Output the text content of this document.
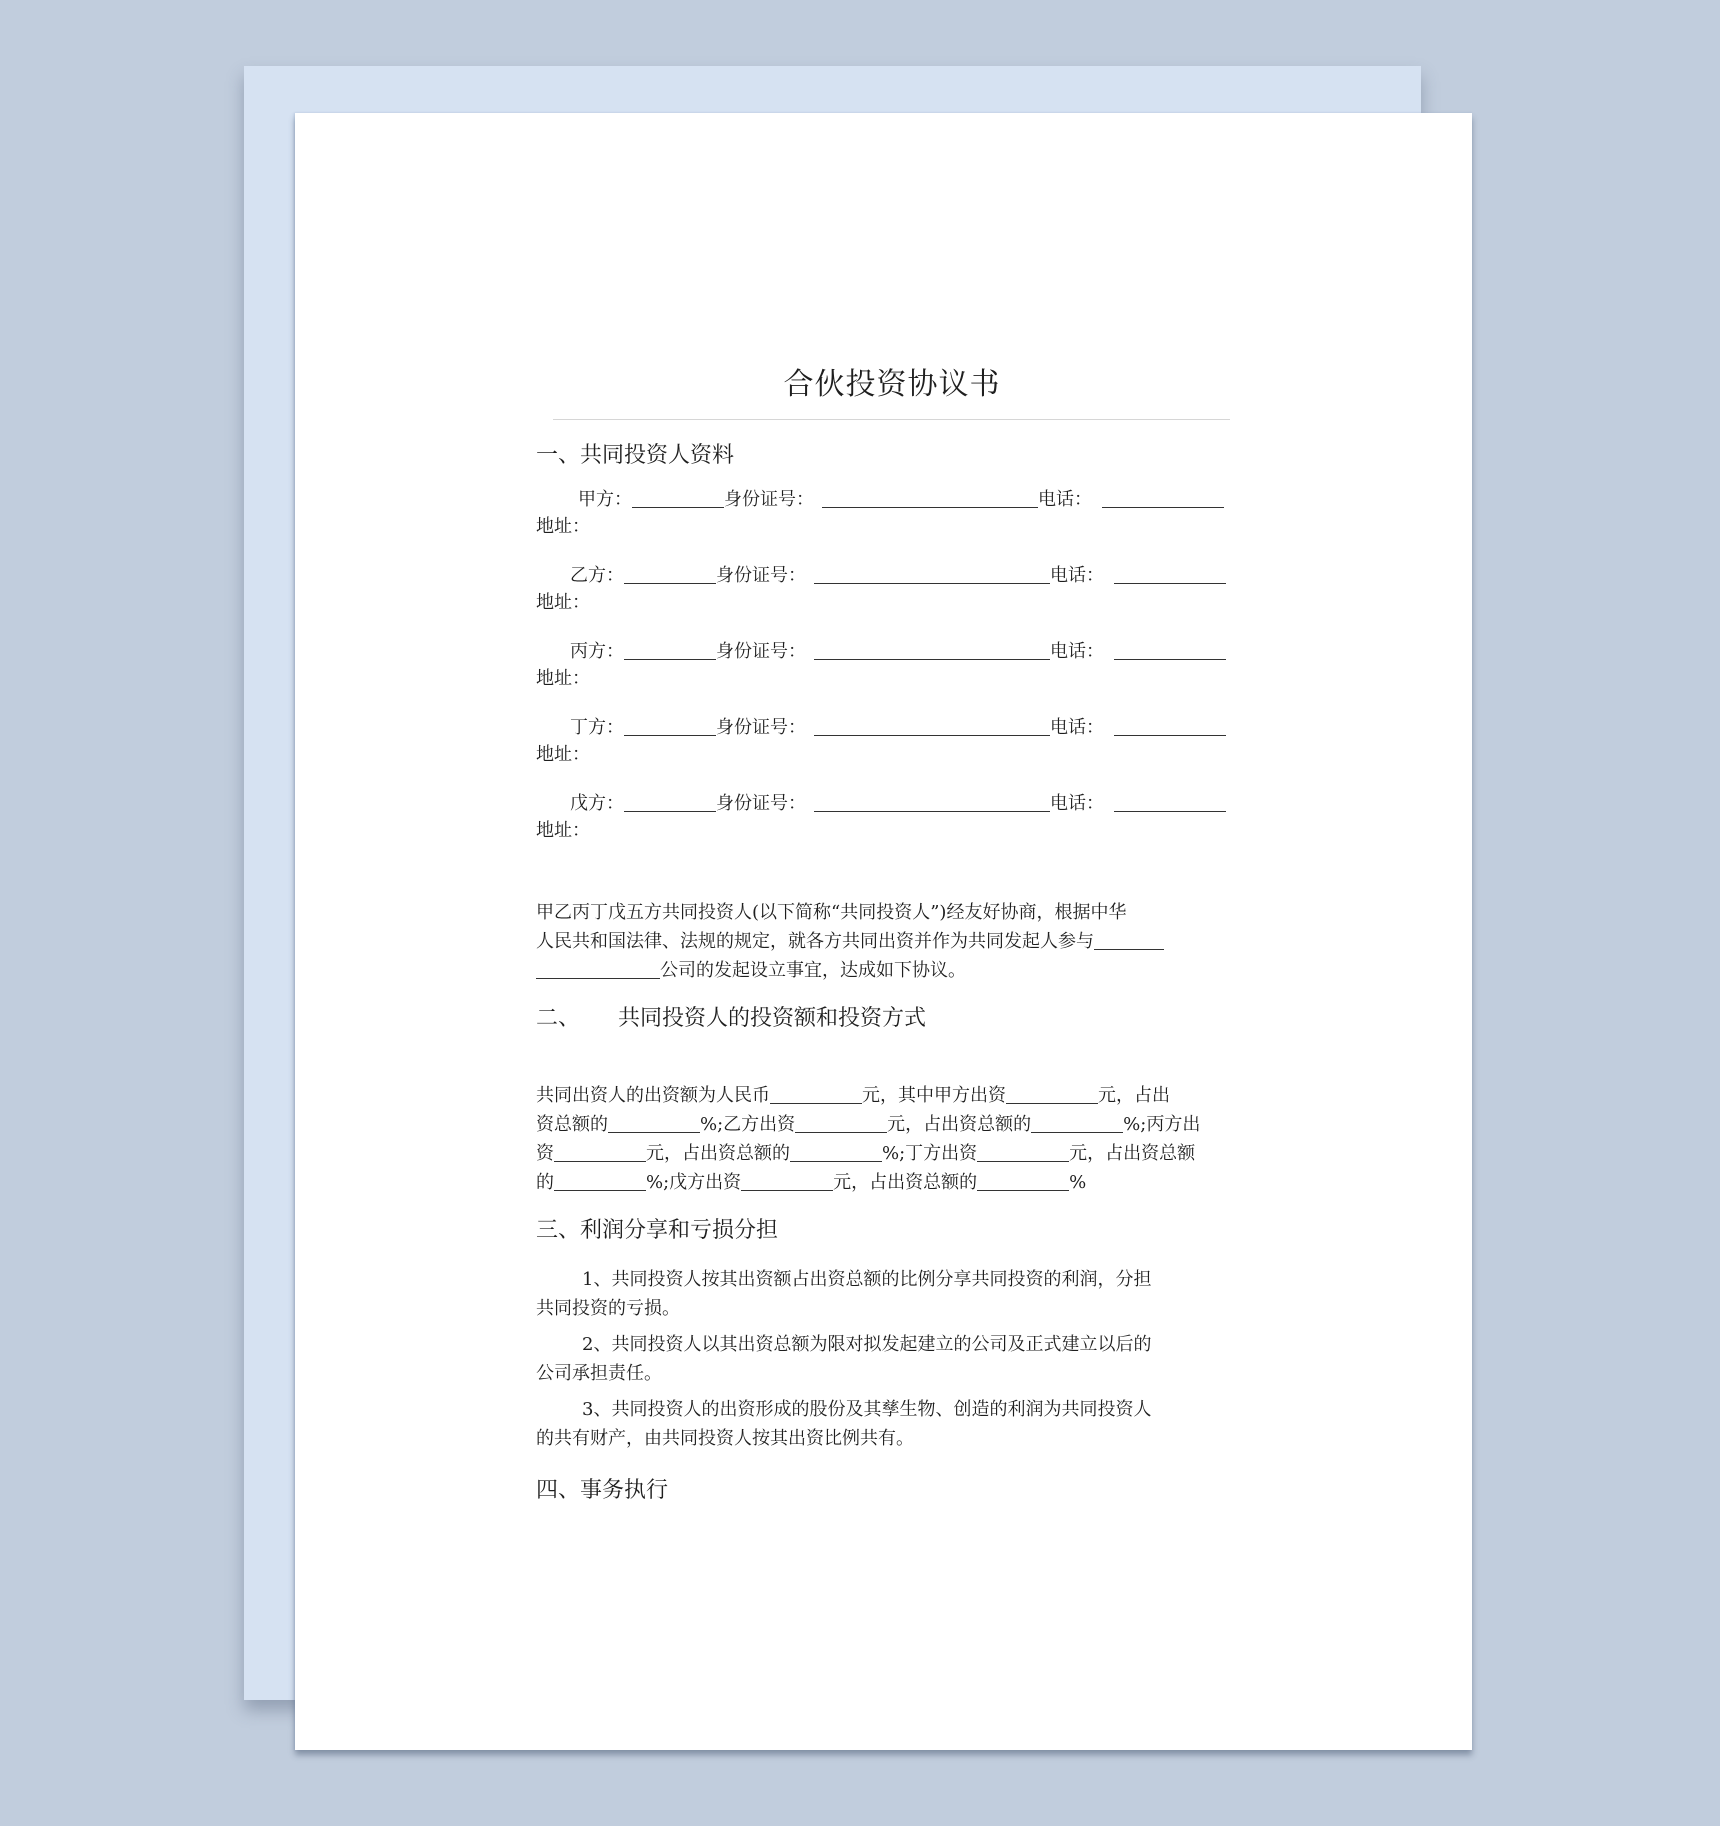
合伙投资协议书
一、共同投资人资料
甲方：	身份证号：	电话：
地址：
乙方：	身份证号：	电话：
地址：
丙方：	身份证号：	电话：
地址：
丁方：	身份证号：	电话：
地址：
戊方：	身份证号：	电话：
地址：
甲乙丙丁戊五方共同投资人(以下简称“共同投资人”)经友好协商，根据中华
人民共和国法律、法规的规定，就各方共同出资并作为共同发起人参与
公司的发起设立事宜，达成如下协议。
二、 共同投资人的投资额和投资方式
共同出资人的出资额为人民币	元，其中甲方出资	元，占出
资总额的	%;乙方出资	元，占出资总额的	%;丙方出
资	元，占出资总额的	%;丁方出资	元，占出资总额
的	%;戊方出资	元，占出资总额的	%
三、利润分享和亏损分担
1、共同投资人按其出资额占出资总额的比例分享共同投资的利润，分担
共同投资的亏损。
2、共同投资人以其出资总额为限对拟发起建立的公司及正式建立以后的
公司承担责任。
3、共同投资人的出资形成的股份及其孳生物、创造的利润为共同投资人
的共有财产，由共同投资人按其出资比例共有。
四、事务执行
